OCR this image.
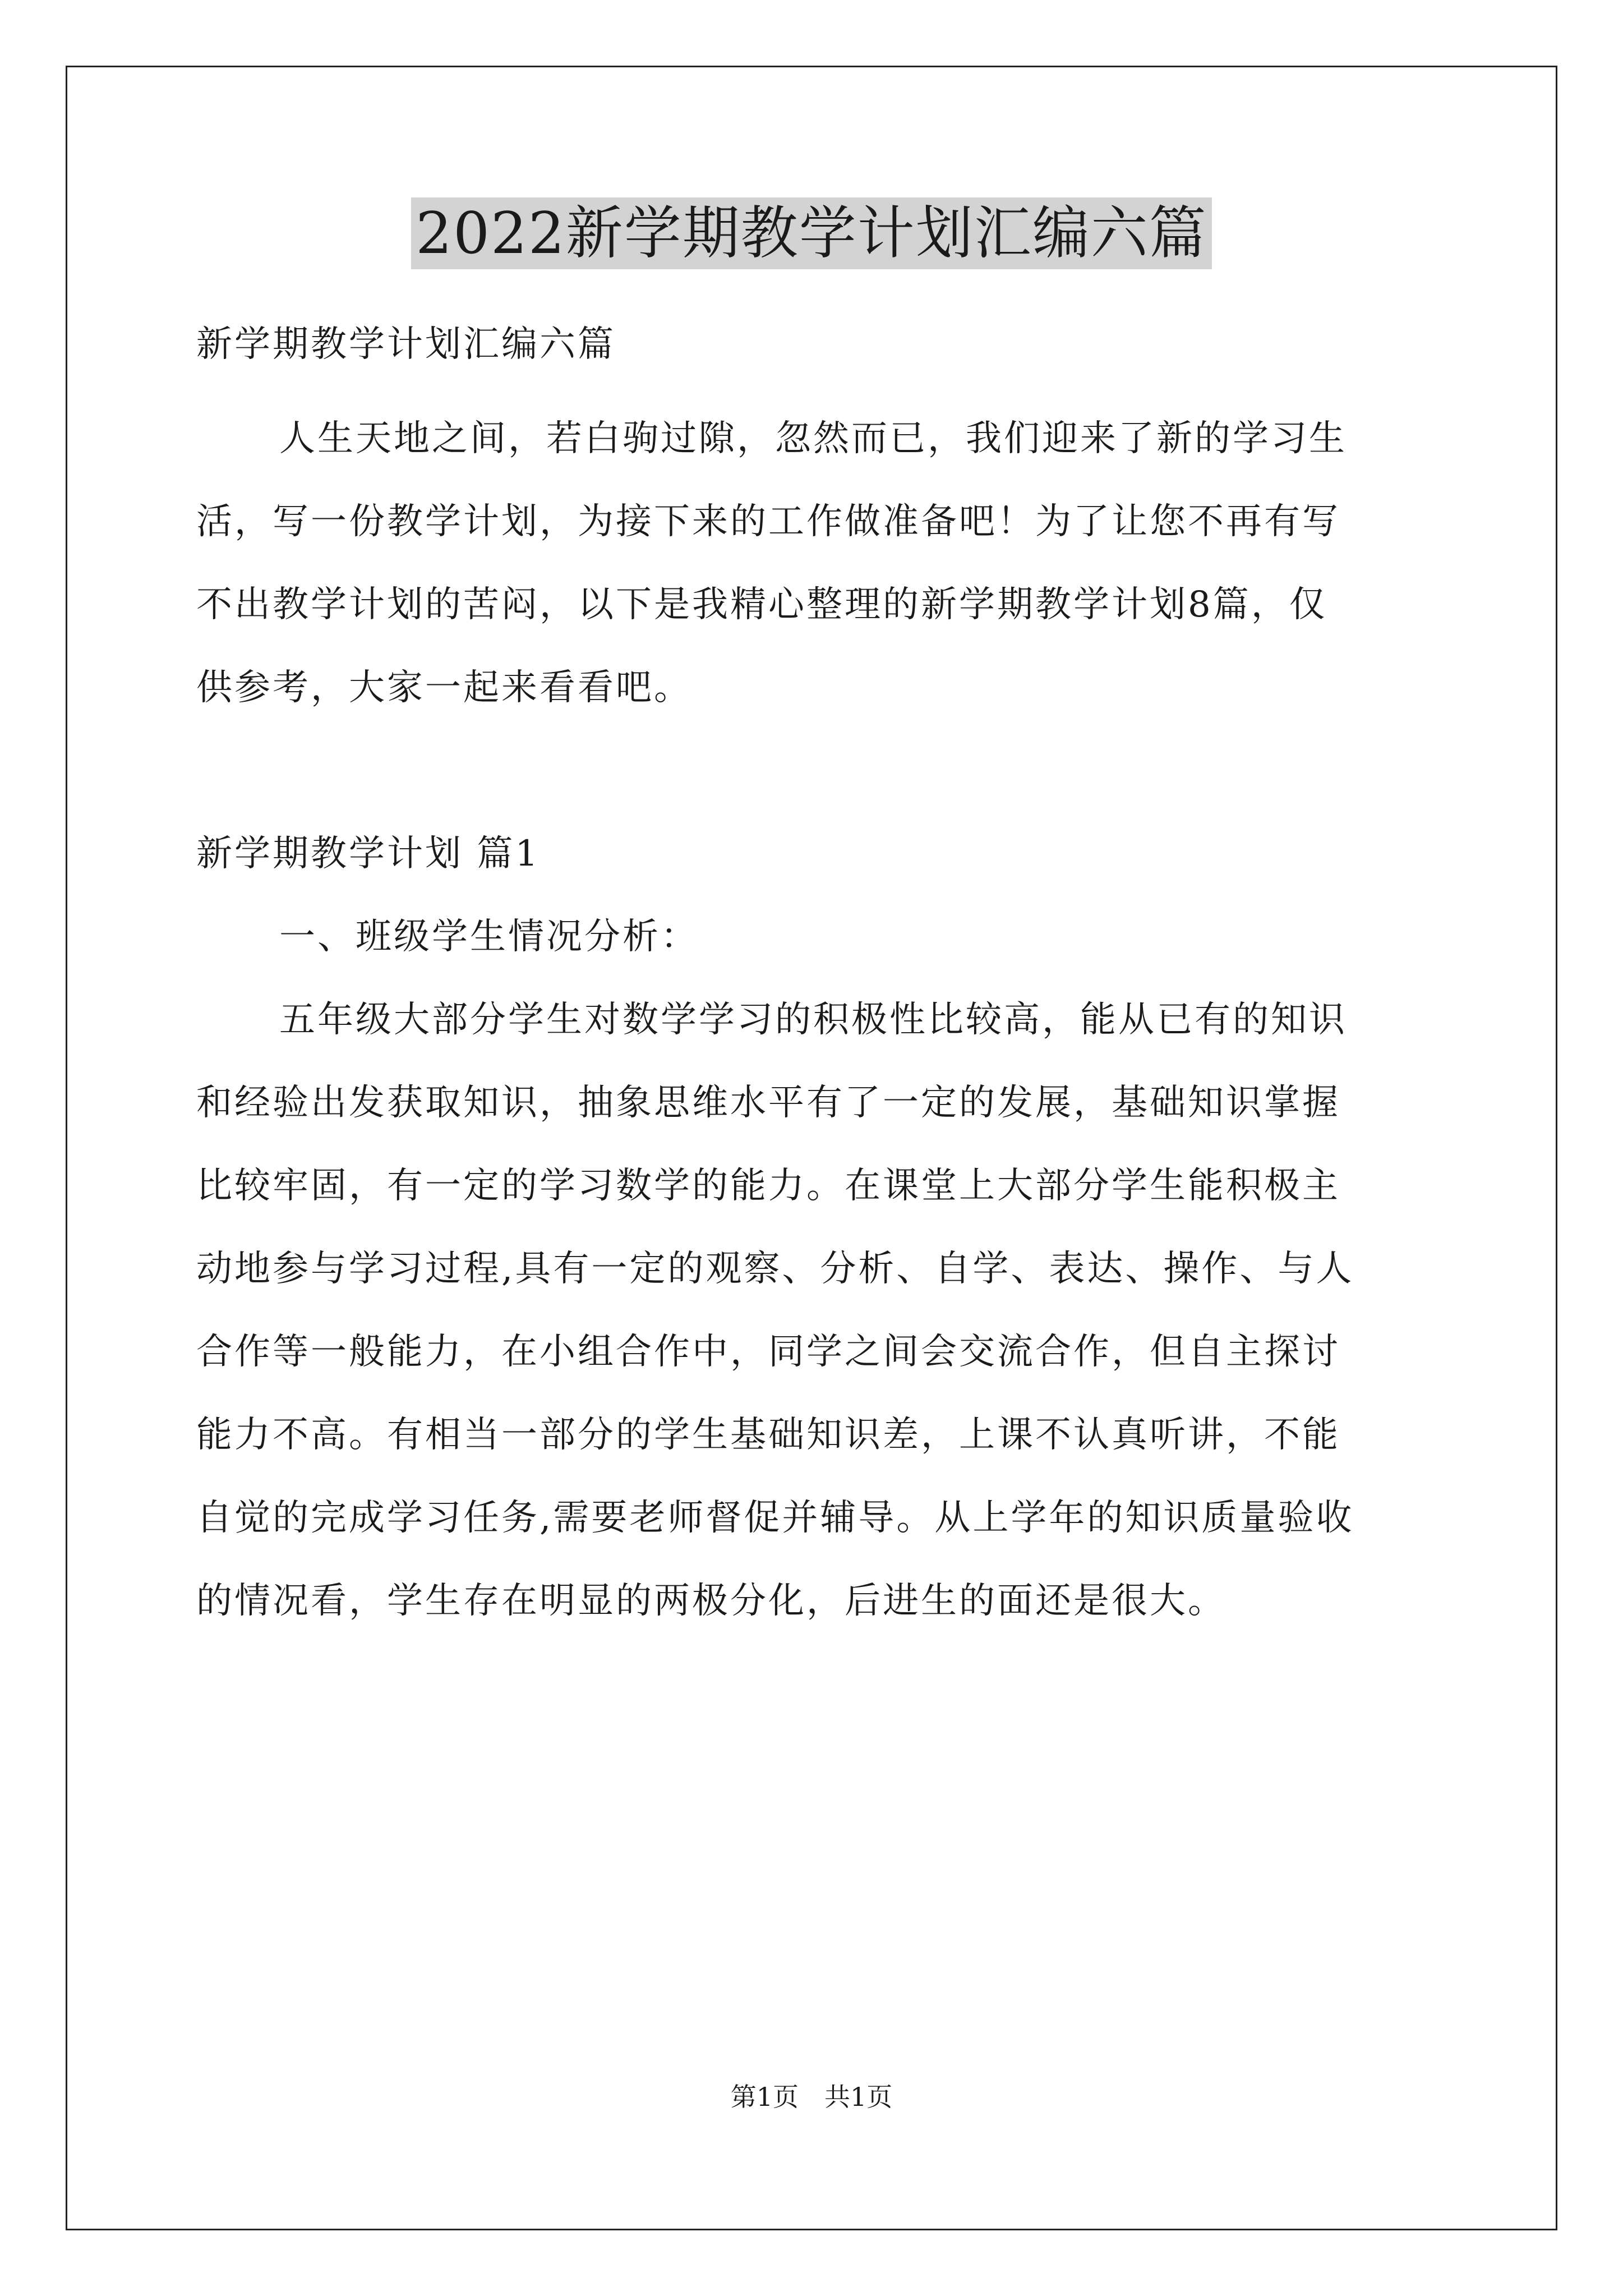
2022新学期教学计划汇编六篇

新学期教学计划汇编六篇

人生天地之间，若白驹过隙，忽然而已，我们迎来了新的学习生

活，写一份教学计划，为接下来的工作做准备吧！为了让您不再有写

不出教学计划的苦闷，以下是我精心整理的新学期教学计划8篇，仅

供参考，大家一起来看看吧。

新学期教学计划 篇1

一、班级学生情况分析：

五年级大部分学生对数学学习的积极性比较高，能从已有的知识

和经验出发获取知识，抽象思维水平有了一定的发展，基础知识掌握

比较牢固，有一定的学习数学的能力。在课堂上大部分学生能积极主

动地参与学习过程,具有一定的观察、分析、自学、表达、操作、与人

合作等一般能力，在小组合作中，同学之间会交流合作，但自主探讨

能力不高。有相当一部分的学生基础知识差，上课不认真听讲，不能

自觉的完成学习任务,需要老师督促并辅导。从上学年的知识质量验收

的情况看，学生存在明显的两极分化，后进生的面还是很大。

第1页 共1页
